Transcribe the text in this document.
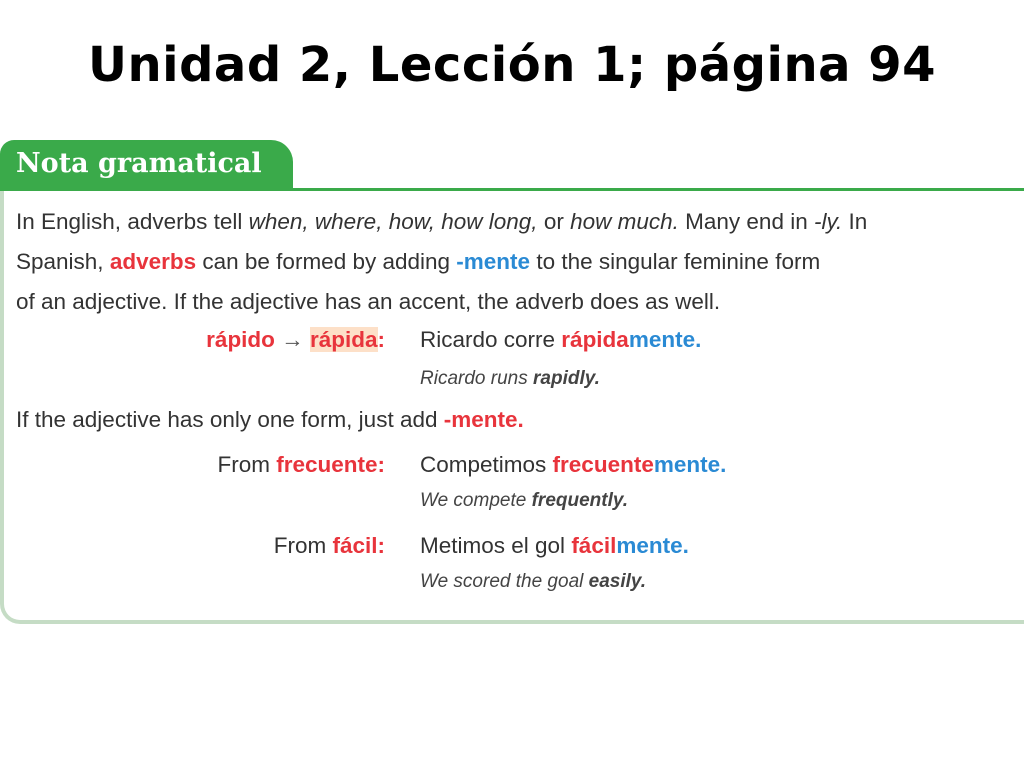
Unidad 2, Lección 1; página 94
Nota gramatical
In English, adverbs tell when, where, how, how long, or how much. Many end in -ly. In
Spanish, adverbs can be formed by adding -mente to the singular feminine form
of an adjective. If the adjective has an accent, the adverb does as well.
rápido → rápida: Ricardo corre rápidamente.
Ricardo runs rapidly.
If the adjective has only one form, just add -mente.
From frecuente: Competimos frecuentemente.
We compete frequently.
From fácil: Metimos el gol fácilmente.
We scored the goal easily.
